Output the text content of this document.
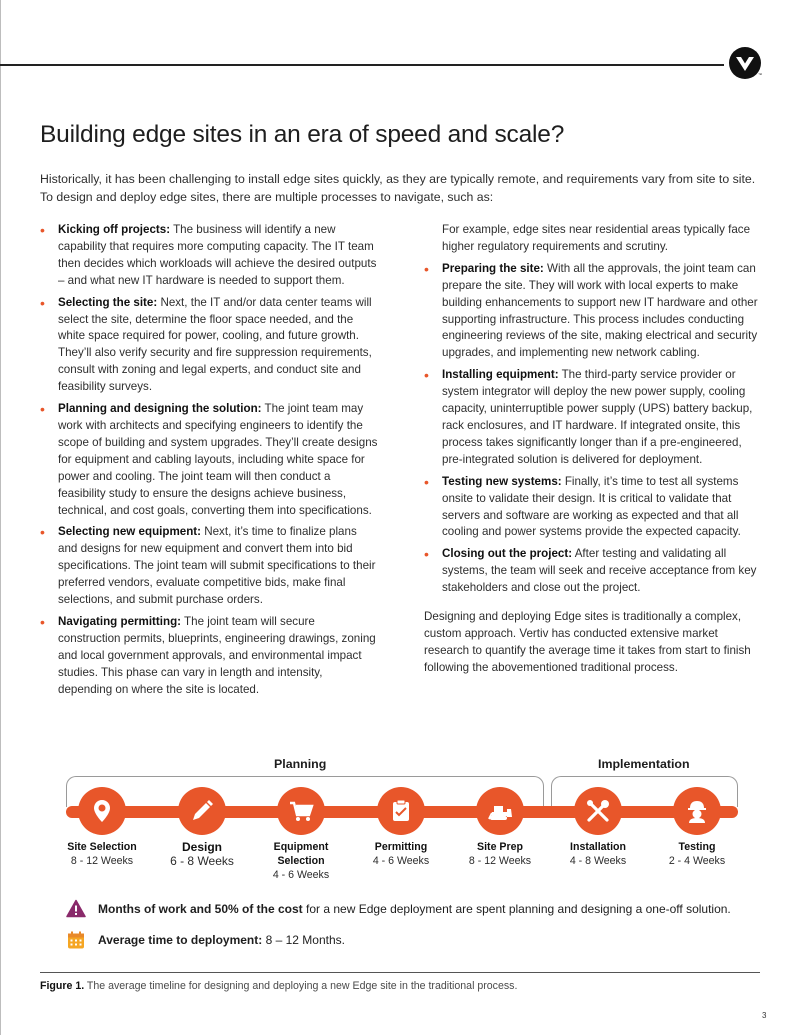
™
Building edge sites in an era of speed and scale?

Historically, it has been challenging to install edge sites quickly, as they are typically remote, and requirements vary from site to site. To design and deploy edge sites, there are multiple processes to navigate, such as:

• Kicking off projects: The business will identify a new capability that requires more computing capacity. The IT team then decides which workloads will achieve the desired outputs – and what new IT hardware is needed to support them.
• Selecting the site: Next, the IT and/or data center teams will select the site, determine the floor space needed, and the white space required for power, cooling, and future growth. They’ll also verify security and fire suppression requirements, consult with zoning and legal experts, and conduct site and feasibility surveys.
• Planning and designing the solution: The joint team may work with architects and specifying engineers to identify the scope of building and system upgrades. They’ll create designs for equipment and cabling layouts, including white space for power and cooling. The joint team will then conduct a feasibility study to ensure the designs achieve business, technical, and cost goals, converting them into specifications.
• Selecting new equipment: Next, it’s time to finalize plans and designs for new equipment and convert them into bid specifications. The joint team will submit specifications to their preferred vendors, evaluate competitive bids, make final selections, and submit purchase orders.
• Navigating permitting: The joint team will secure construction permits, blueprints, engineering drawings, zoning and local government approvals, and environmental impact studies. This phase can vary in length and intensity, depending on where the site is located.
For example, edge sites near residential areas typically face higher regulatory requirements and scrutiny.
• Preparing the site: With all the approvals, the joint team can prepare the site. They will work with local experts to make building enhancements to support new IT hardware and other supporting infrastructure. This process includes conducting engineering reviews of the site, making electrical and security upgrades, and implementing new network cabling.
• Installing equipment: The third-party service provider or system integrator will deploy the new power supply, cooling capacity, uninterruptible power supply (UPS) battery backup, rack enclosures, and IT hardware. If integrated onsite, this process takes significantly longer than if a pre-engineered, pre-integrated solution is delivered for deployment.
• Testing new systems: Finally, it’s time to test all systems onsite to validate their design. It is critical to validate that servers and software are working as expected and that all cooling and power systems provide the expected capacity.
• Closing out the project: After testing and validating all systems, the team will seek and receive acceptance from key stakeholders and close out the project.
Designing and deploying Edge sites is traditionally a complex, custom approach. Vertiv has conducted extensive market research to quantify the average time it takes from start to finish following the abovementioned traditional process.
Planning	Implementation
Site Selection
8 - 12 Weeks
Design
6 - 8 Weeks
Equipment Selection
4 - 6 Weeks
Permitting
4 - 6 Weeks
Site Prep
8 - 12 Weeks
Installation
4 - 8 Weeks
Testing
2 - 4 Weeks
Months of work and 50% of the cost for a new Edge deployment are spent planning and designing a one-off solution.
Average time to deployment: 8 – 12 Months.
Figure 1. The average timeline for designing and deploying a new Edge site in the traditional process.
3
